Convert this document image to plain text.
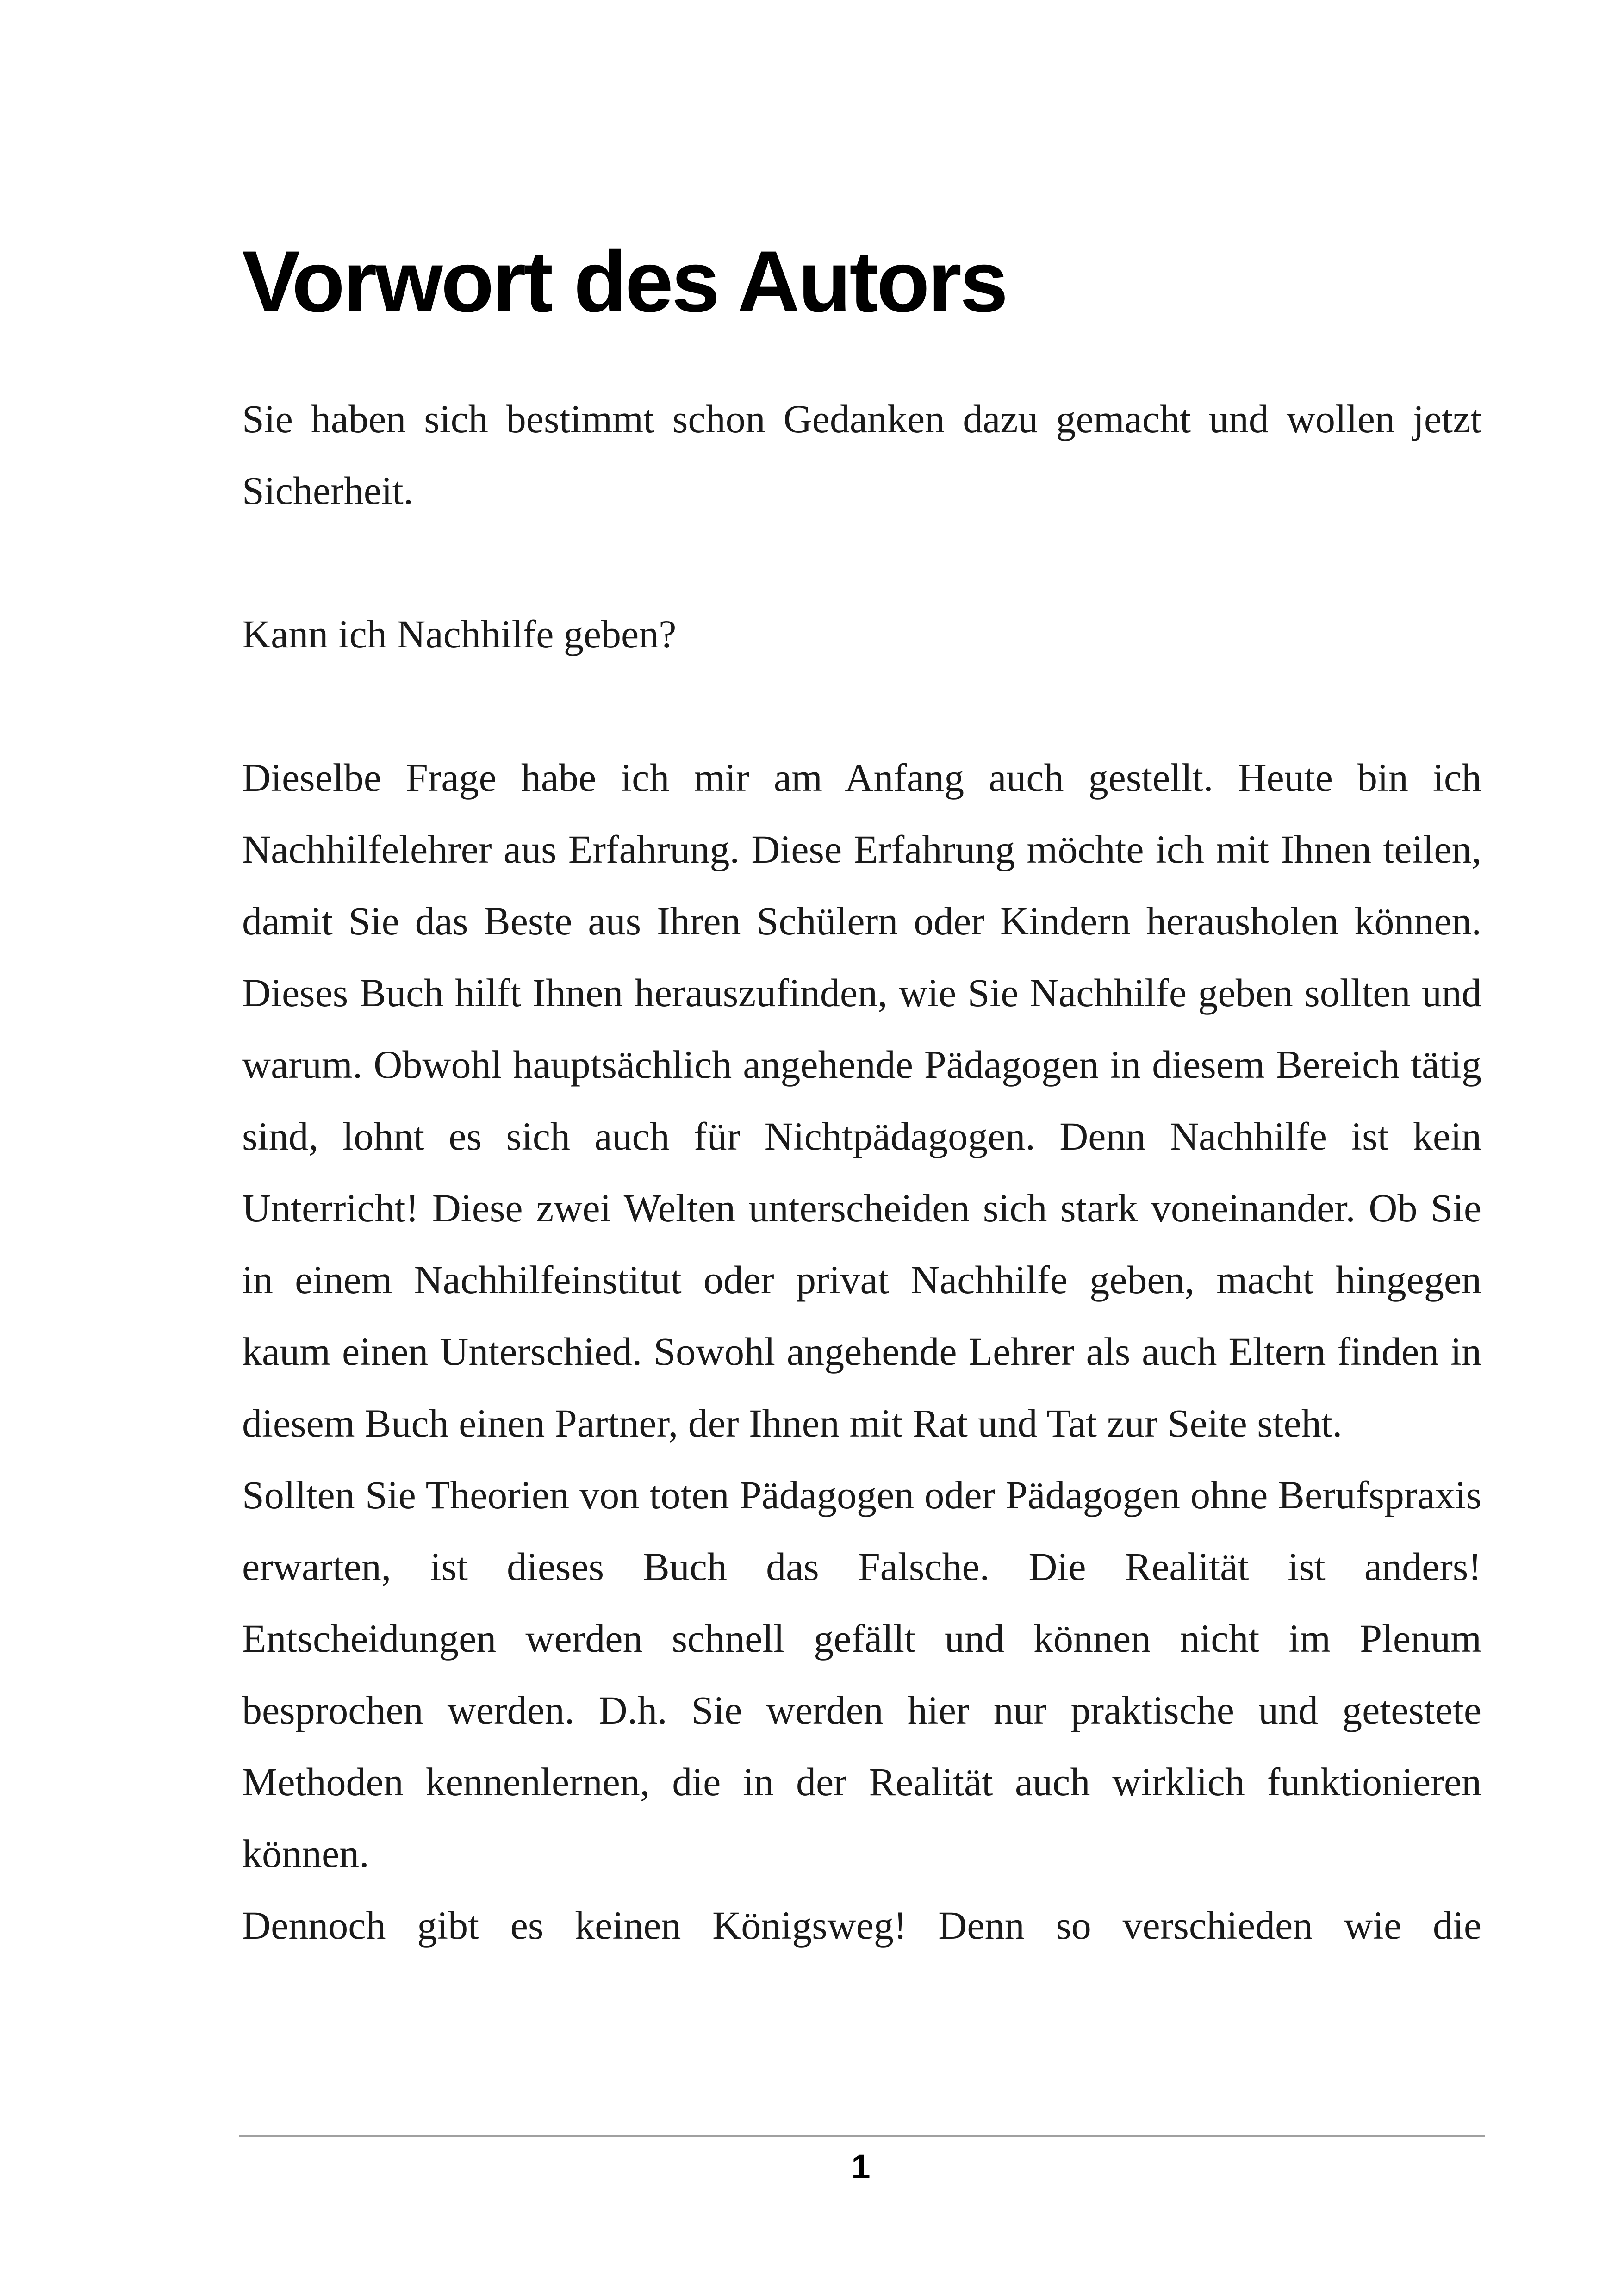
Vorwort des Autors

Sie haben sich bestimmt schon Gedanken dazu gemacht und wollen jetzt Sicherheit.

Kann ich Nachhilfe geben?

Dieselbe Frage habe ich mir am Anfang auch gestellt. Heute bin ich Nachhilfelehrer aus Erfahrung. Diese Erfahrung möchte ich mit Ihnen teilen, damit Sie das Beste aus Ihren Schülern oder Kindern herausholen können. Dieses Buch hilft Ihnen herauszufinden, wie Sie Nachhilfe geben sollten und warum. Obwohl hauptsächlich angehende Pädagogen in diesem Bereich tätig sind, lohnt es sich auch für Nichtpädagogen. Denn Nachhilfe ist kein Unterricht! Diese zwei Welten unterscheiden sich stark voneinander. Ob Sie in einem Nachhilfeinstitut oder privat Nachhilfe geben, macht hingegen kaum einen Unterschied. Sowohl angehende Lehrer als auch Eltern finden in diesem Buch einen Partner, der Ihnen mit Rat und Tat zur Seite steht.

Sollten Sie Theorien von toten Pädagogen oder Pädagogen ohne Berufspraxis erwarten, ist dieses Buch das Falsche. Die Realität ist anders! Entscheidungen werden schnell gefällt und können nicht im Plenum besprochen werden. D.h. Sie werden hier nur praktische und getestete Methoden kennenlernen, die in der Realität auch wirklich funktionieren können.

Dennoch gibt es keinen Königsweg! Denn so verschieden wie die

1
